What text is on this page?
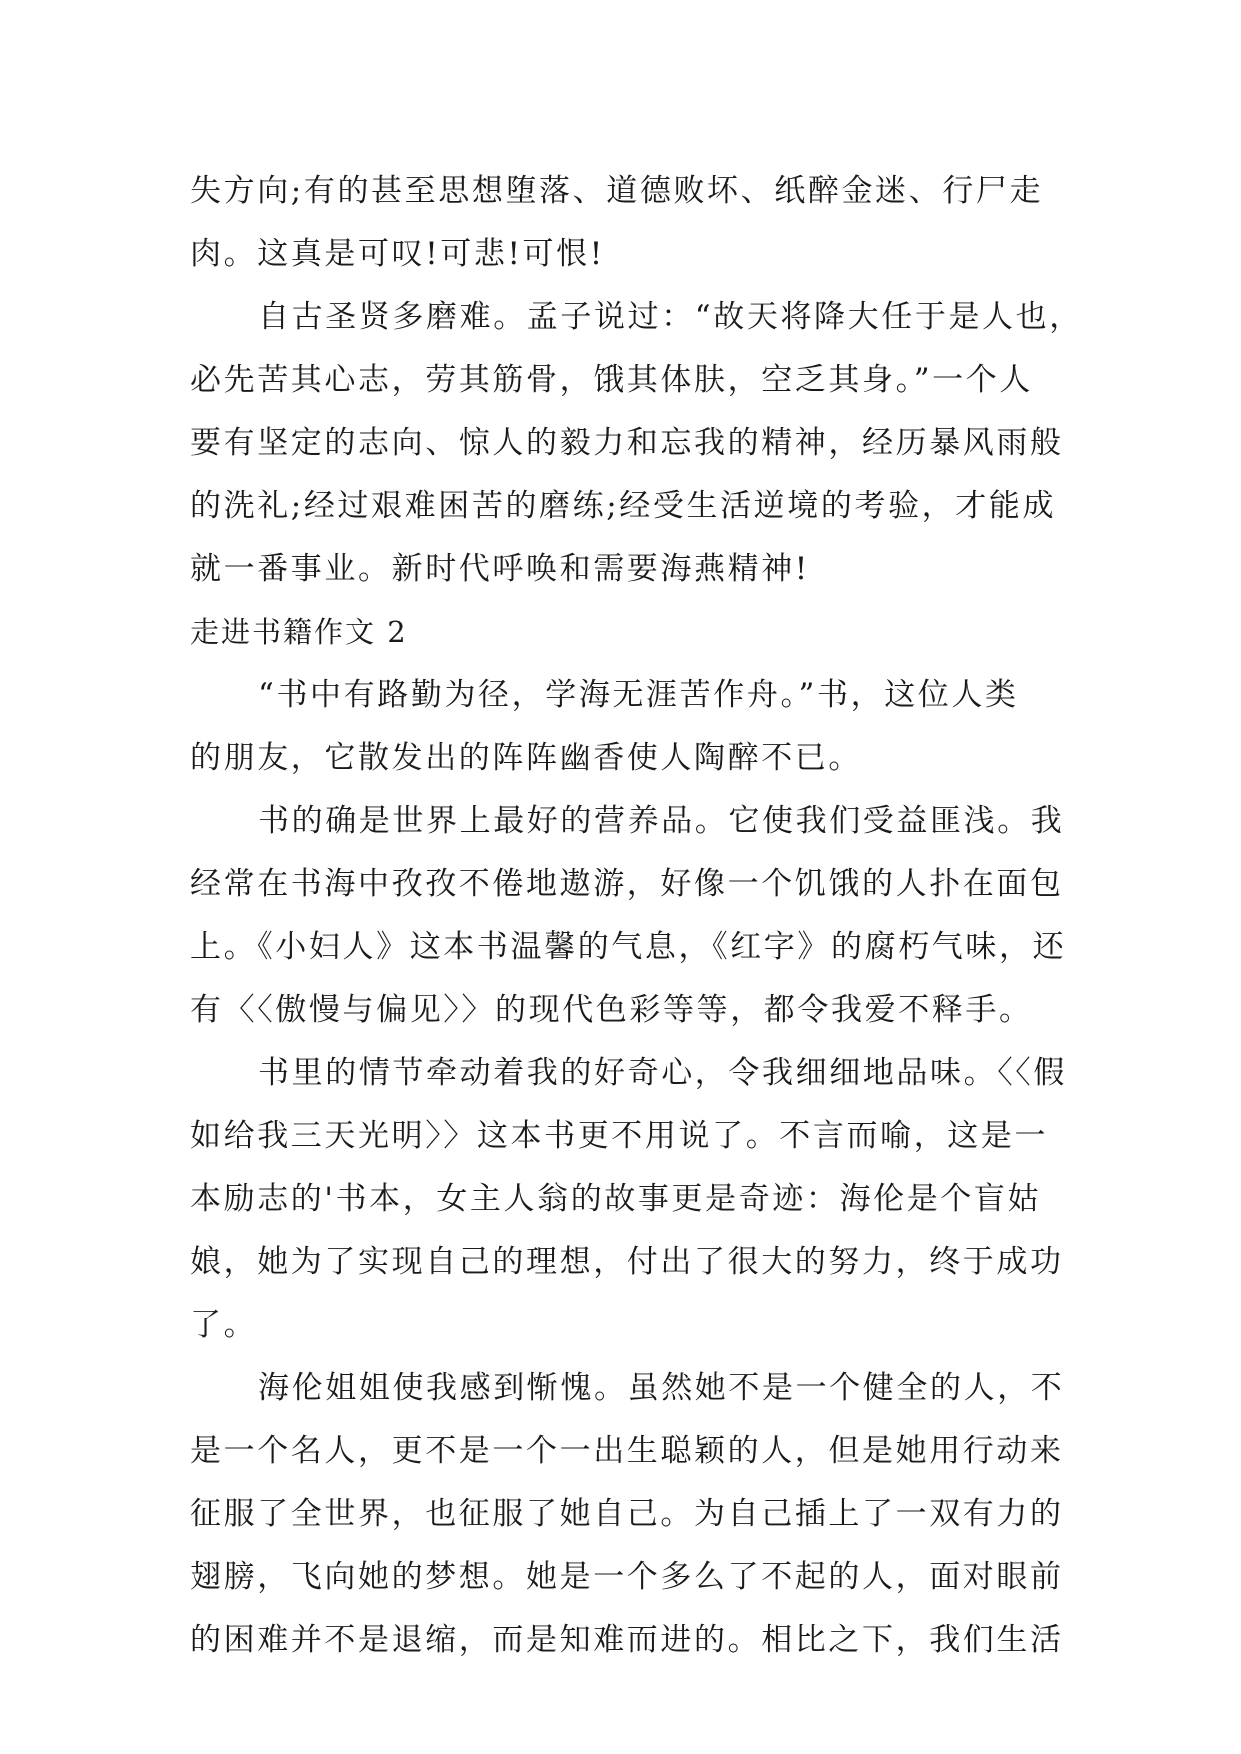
失方向;有的甚至思想堕落、道德败坏、纸醉金迷、行尸走
肉。这真是可叹!可悲!可恨!
自古圣贤多磨难。孟子说过：“故天将降大任于是人也，
必先苦其心志，劳其筋骨，饿其体肤，空乏其身。”一个人
要有坚定的志向、惊人的毅力和忘我的精神，经历暴风雨般
的洗礼;经过艰难困苦的磨练;经受生活逆境的考验，才能成
就一番事业。新时代呼唤和需要海燕精神!
走进书籍作文 2
“书中有路勤为径，学海无涯苦作舟。”书，这位人类
的朋友，它散发出的阵阵幽香使人陶醉不已。
书的确是世界上最好的营养品。它使我们受益匪浅。我
经常在书海中孜孜不倦地遨游，好像一个饥饿的人扑在面包
上。《小妇人》这本书温馨的气息，《红字》的腐朽气味，还
有〈〈傲慢与偏见〉〉的现代色彩等等，都令我爱不释手。
书里的情节牵动着我的好奇心，令我细细地品味。〈〈假
如给我三天光明〉〉这本书更不用说了。不言而喻，这是一
本励志的'书本，女主人翁的故事更是奇迹：海伦是个盲姑
娘，她为了实现自己的理想，付出了很大的努力，终于成功
了。
海伦姐姐使我感到惭愧。虽然她不是一个健全的人，不
是一个名人，更不是一个一出生聪颖的人，但是她用行动来
征服了全世界，也征服了她自己。为自己插上了一双有力的
翅膀，飞向她的梦想。她是一个多么了不起的人，面对眼前
的困难并不是退缩，而是知难而进的。相比之下，我们生活
